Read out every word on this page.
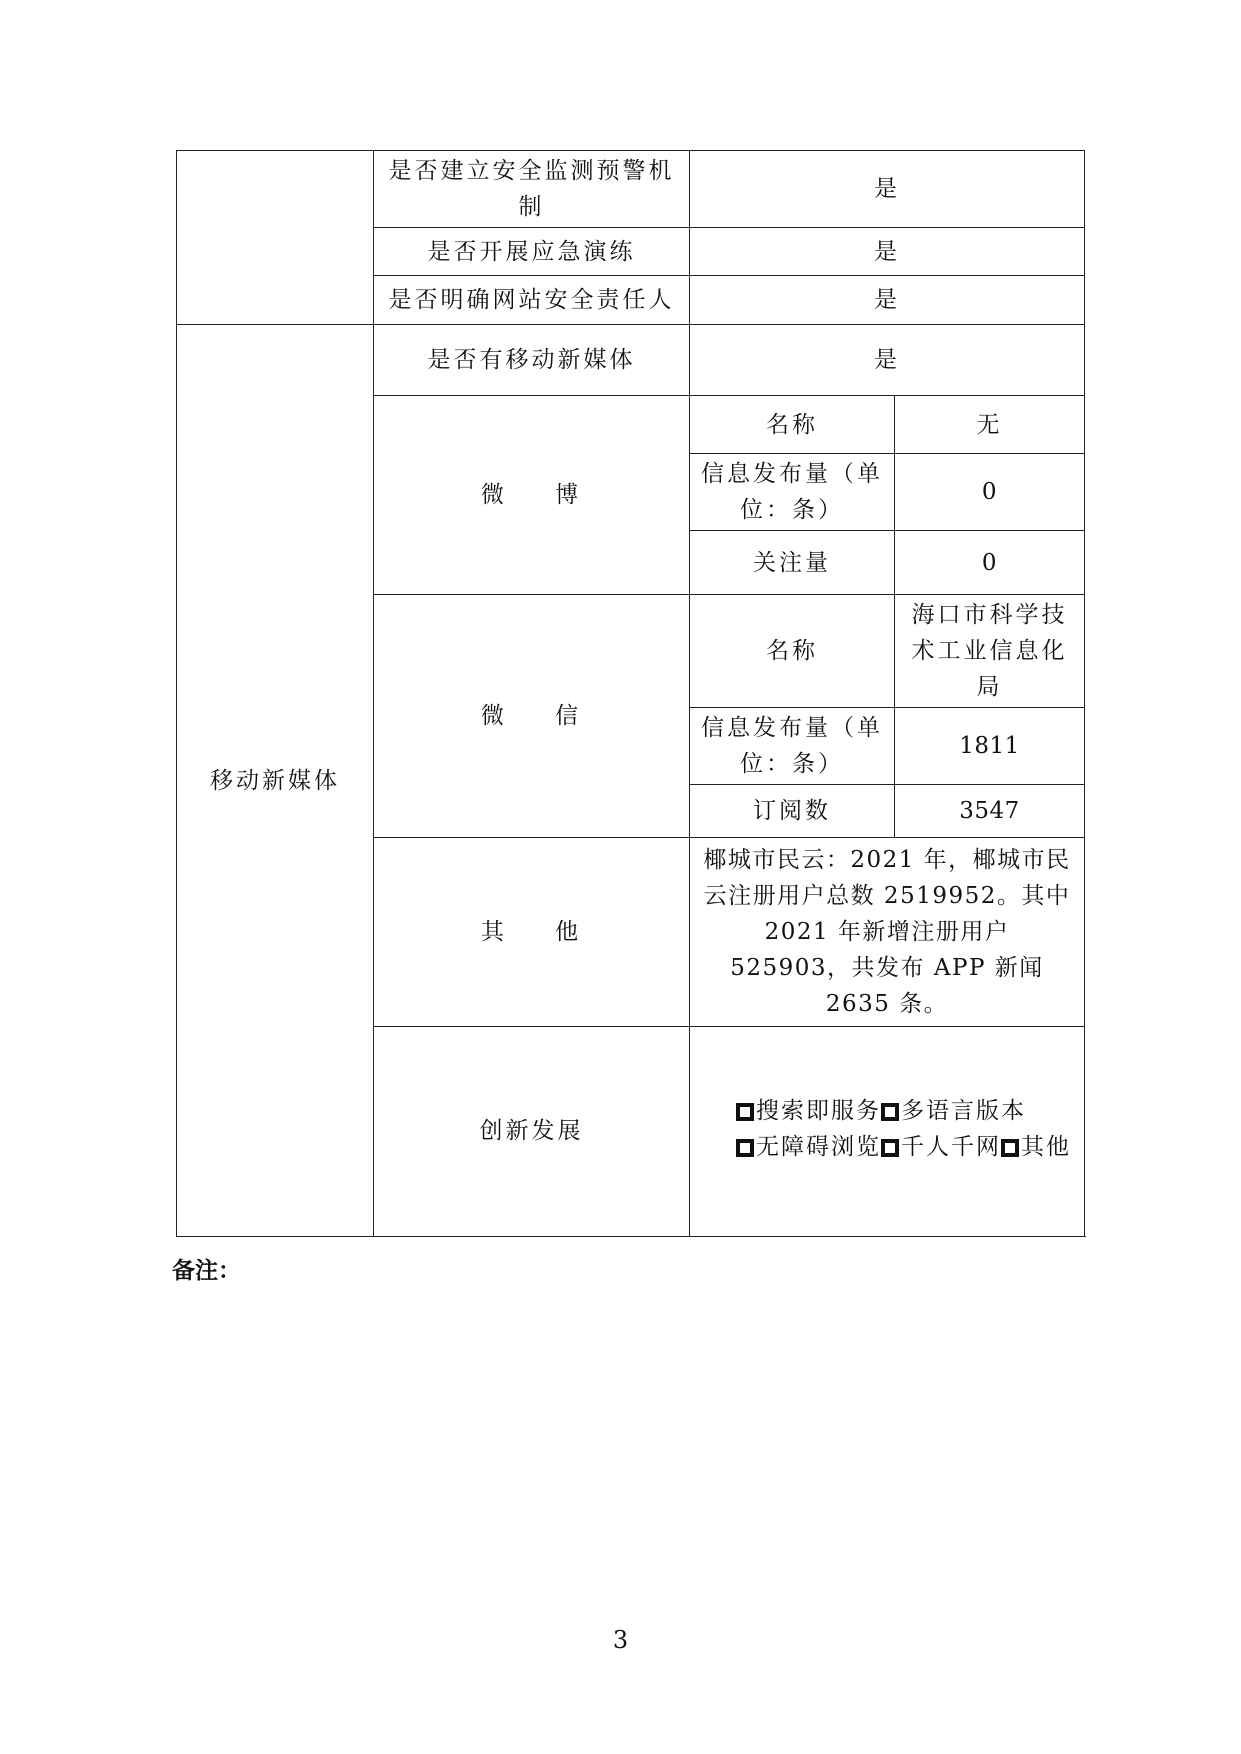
	是否建立安全监测预警机制	是	
	是否开展应急演练	是	
	是否明确网站安全责任人	是	
移动新媒体	是否有移动新媒体	是	
	微 博	名称	无
		信息发布量（单位：条）	0
		关注量	0
	微 信	名称	海口市科学技术工业信息化局
		信息发布量（单位：条）	1811
		订阅数	3547
	其 他	椰城市民云：2021 年，椰城市民云注册用户总数 2519952。其中 2021 年新增注册用户 525903，共发布 APP 新闻 2635 条。	
	创新发展	搜索即服务 多语言版本无障碍浏览 千人千网 其他	
备注：
3
